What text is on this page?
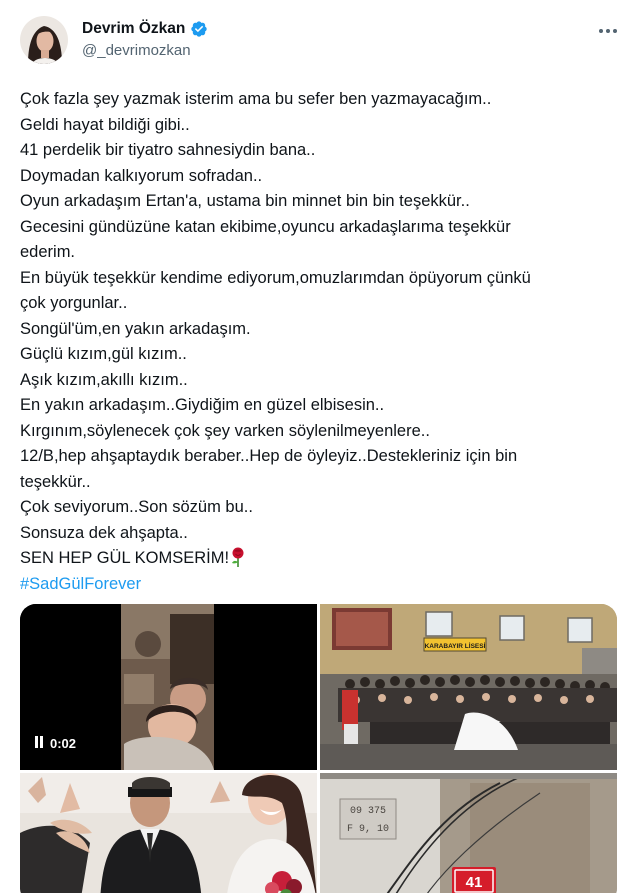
Devrim Özkan
@_devrimozkan
Çok fazla şey yazmak isterim ama bu sefer ben yazmayacağım..
Geldi hayat bildiği gibi..
41 perdelik bir tiyatro sahnesiydin bana..
Doymadan kalkıyorum sofradan..
Oyun arkadaşım Ertan'a, ustama bin minnet bin bin teşekkür..
Gecesini gündüzüne katan ekibime,oyuncu arkadaşlarıma teşekkür
ederim.
En büyük teşekkür kendime ediyorum,omuzlarımdan öpüyorum çünkü
çok yorgunlar..
Songül'üm,en yakın arkadaşım.
Güçlü kızım,gül kızım..
Aşık kızım,akıllı kızım..
En yakın arkadaşım..Giydiğim en güzel elbisesin..
Kırgınım,söylenecek çok şey varken söylenilmeyenlere..
12/B,hep ahşaptaydık beraber..Hep de öyleyiz..Destekleriniz için bin
teşekkür..
Çok seviyorum..Son sözüm bu..
Sonsuza dek ahşapta..
SEN HEP GÜL KOMSERİM!
#SadGülForever
0:02
KARABAYIR LİSESİ
09 375
F 9, 10
41
